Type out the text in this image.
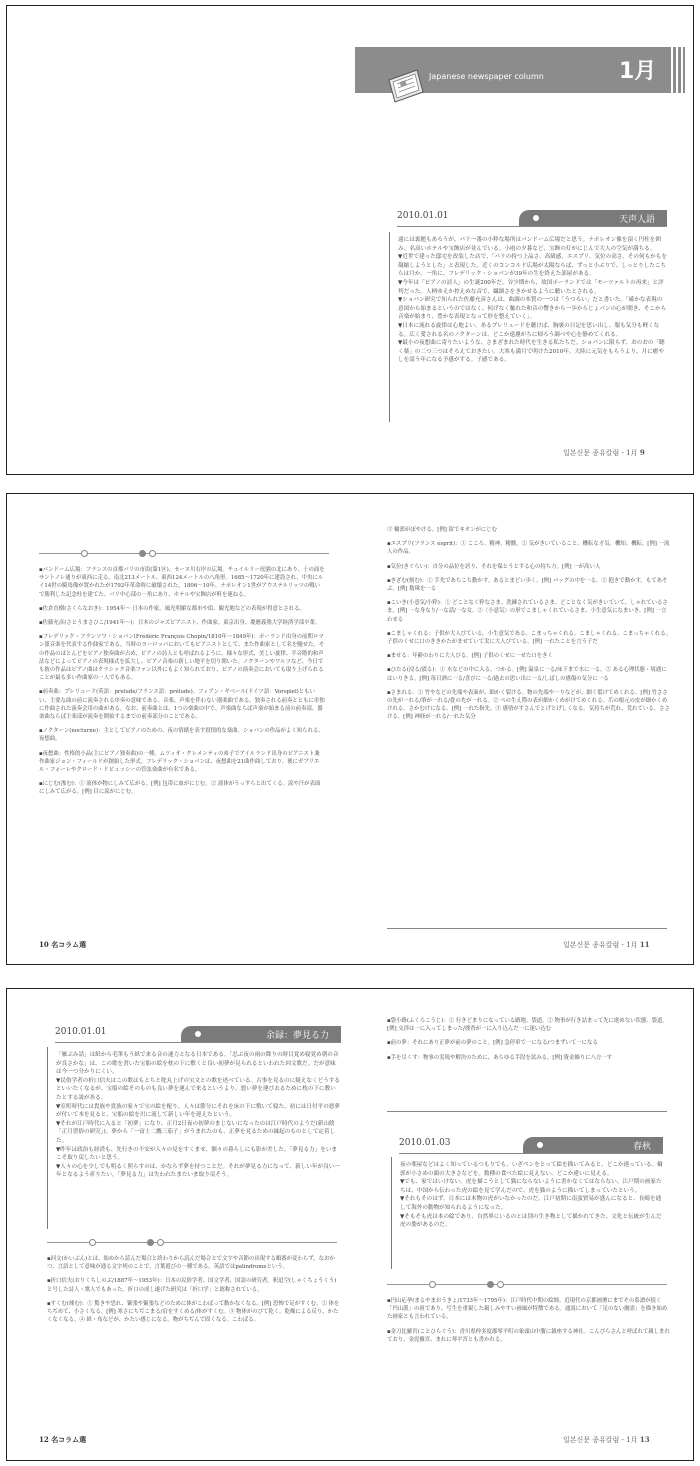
Japanese newspaper column	1月
2010.01.01	天声人語

遠には裏題もあろうが、パリ一番の小粋な場所はバンドーム広場だと思う。ナポレオン像を頂く円柱を囲み、名高いホテルや宝飾店が並んでいる。小雨の夕暮など、宝飾の灯がにじんで大人の空気が満ちる。

▼近世で建った邸宅を改装した店で、「パリの持つ上品さ、高級感、エスプリ、気位の高さ。その何もかもを凝縮しようとした」と表現した。近くのコンコルド広場が太陽ならば、ずっと小ぶりで、しっとりしたこちらは月か。一角に、フレデリック・ショパンが39年の生を終えた部屋がある。

▼今年は「ピアノの詩人」の生誕200年だ。谷少期から、故国ポーランドでは「モーツァルトの再来」と評判だった。人柄ゆえか控えめな音で、繊細さをきかせるように聴いたとされる。

▼ショパン研究で知られた佐藤允彦さんは、曲調の本質の一つは「うつろい」だと書いた。「確かな表現の意図から始まるというのではなく、何げなく触れた和音の響きから一歩からじょパンの心が開き、そこから音楽が始まり、豊かな表現となって形を整えていく」。

▼日本に流れる旋律は心地よい、あるプレリュードを聴けば、胸裏の日記を思い出し、服も気分も軽くなる。広く愛される名のノクターンは、どこか遠慮がちに帰ろう調べや心を静めてくれる。

▼最小の夜想曲に寄りたいような、さまざまれた時代を生きる私たちだ。ショパンに限らず、おのおの「聴く薬」の二つ三つはそろえておきたい。大寒も満月で明けた2010年。大陸に元気をもらうより、月に癒やしを請う年になる予感がする。子感である。

일본신문 종유칼럼 - 1月 9
▪バンドーム広場：フランスの首都パリの市街(第1区)、セーヌ川右岸の広場。チュイルリー庭園の北にあり、十の面をサントノレ通りが東西に走る。南北213メートル、東西124メートルの八角形。1685〜1720年に建設され、中央にルイ14世の騎馬像が置かれたが1792年革命時に破壊された。1806〜10年、ナポレオン1世がアウステルリッツの戦いで勝利した記念柱を建てた。パリ中心部の一角にあり、ホテルや宝飾店が軒を連ねる。
▪佐倉直樹(さくらなおき)：1954年〜 日本の作家。風光明媚な都市や街、観光地などの表現が得意とされる。
▪佐藤允彦(さとうまさひこ/1941年〜)：日本のジャズピアニスト、作曲家。東京出身、慶應義塾大学経済学部卒業。
▪フレデリック・フランソワ・ショパン(Frédéric François Chopin/1810年〜1849年)：ポーランド出身の前期ロマン派音楽を代表する作曲家である。当時のヨーロッパにおいてもピアニストとして、また作曲家として名を馳せた。その作品のほとんどをピアノ独奏曲が占め、ピアノの詩人とも呼ばれるように、様々な形式、美しい旋律、半音階的和声法などによってピアノの表現様式を拡大し、ピアノ音楽の新しい地平を切り開いた。ノクターンやワルツなど、今日でも彼の作品はピアノ曲はクラシック音楽ファン以外にもよく知られており、ピアノの演奏会においても取り上げられることが最も多い作曲家の一人でもある。
▪前奏曲：プレリュード(英語：prelude/フランス語：prélude)。フィアン・ギベール(ドイツ語：Vorspiel)ともいい、主要な曲の前に演奏される序奏の意味である。音楽、声楽を伴わない器楽曲である。独奏される前奏とともに単独に作曲された演奏会用の曲がある。なお、前奏曲とは、1つの楽曲の中で、声楽曲ならば声楽が始まる前の前奏部、器楽曲ならば主楽部が演奏を開始するまでの前奏部分のことである。
▪ノクターン(nocturne)：主としてピアノのための、夜の情緒を表す叙情的な楽曲。ショパンの作品がよく知られる。夜想曲。
▪夜想曲：性格的小品(主にピアノ独奏曲)の一種。ムツィオ・クレメンティの弟子でアイルランド出身のピアニスト兼作曲家ジョン・フィールドが創始した形式。フレデリック・ショパンは、夜想曲を21曲作曲しており、後にガブリエル・フォーレやクロード・ドビュッシーの管弦楽曲が有名である。
▪にじむ(滲む)：① 液体が物にしみて広がる。[例] 包帯に血がにじむ。② 液体がうっすらと出てくる。涙や汗が表面にしみて広がる。[例] 目に涙がにじむ。
③ 輪郭がぼやける。[例] 街でネオンがにじむ
▪エスプリ(フランス esprit)：① こころ。精神。精髄。② 気がきいていること。機転な才気。機知。機転。[例] 一流人の作品。
▪気位(きぐらい)：自分の品位を誇り、それを保とうとする心の持ち方。[例] 一が高い人
▪きざむ(刻む)：① 手先であちこち動かす。あるとまどい歩く。[例] バッグの中を一る。② 抱きで動かす。もてあそぶ。[例] 数珠を一る
▪こいき(小意気/小粋)：① どことなく粋なさま。洗練されているさま。どことなく気がきいていて、しゃれているさま。[例] 一な身なり/一な話/一な女。②〈小意気〉の形でこましゃくれているさま、小生意気になまいき。[例] 一言わせる
▪こましゃくれる：子供が大人びている。小生意気である。こまっちゃくれる。こましゃくれる。こまっちゃくれる。子供のくせに口のききかたがませていて実に大人びている。[例] 一れたことを言う子だ
▪ませる：年齢のわりに大人びる。[例] 子供のくせに一せた口をきく
▪ひたる(浸る/漬る)：① 水などの中に入る。つかる。[例] 温泉に一る/床下まで水に一る。② ある心理状態・境遇にはいりきる。[例] 毎日酒に一る/喜びに一る/過去の思い出に一る/しばしの感傷の気分に一る
▪さまれる：① 竹やなどの先端や表面が、細かく裂ける。物の先端や一りなどが、細く裂けてめくれる。[例] 竹ささの先が一れる/筆が一れる/畳の先が一れる。② ぺの生え際の表が細かくめがけてめくれる。爪の根元の皮が細かくめけれる。さかむけになる。[例] 一れた指先。③ 感情がすさんでとげとげしくなる。気持ちが荒れ、荒れている。ささける。[例] 神経が一れる/一れた気分
10 名コラム選	일본신문 종유칼럼 - 1月 11
2010.01.01	余録：夢見る力

「雁ぶみ話」は紙から毛筆もう紙で来る音の速力となる日本である。「忍ぶ夜の雨の降りの時目覚め寝覚め朝の音が良さかな」は、この歌を書いた宝船の絵を枕の下に敷くと良い初夢が見られるといわれた回文歌だ。だが意味は今一つ分かりにくい。

▼民俗学者の折口信夫はこの歌はもとちと舵丸上げの宝文との歌を述べている。古事を見るのに疑えなくどうするといいたくなるが、宝船の絵そのものも良い夢を運んで来るというより、悪い夢を運び去るために枕の下に敷いたとする説がある。

▼室町時代には貴族や貴族の家々で宝の絵を配り、人々は節分にそれを床の下に敷いて寝た。初には日付平の悪夢が付いて本を見ると、宝船の絵を川に流して新しい年を迎えたという。

▼それが江戸時代に入ると「初夢」になり、正月2日夜の初夢のまじないになったのは江戸時代のようだ(新山陰「正月習俗の研究」)。夢から「一富士二鷹三茄子」がうまれたのも、正夢を見るための縁起のものとして定着した。

▼昨年は政治も経済も、先行きの不安が人々の見をすくませ、個々の暮らしにも影が差した。「夢見る力」をいまこそ取り戻したいと思う。

▼人々の心を少しでも明るく照らすのは、かならず夢を持つことだ。それが夢見る力になって、新しい年が良い一年となるよう祈りたい。「夢見る力」は失われたまたいま取り戻そう。

▪回文(かいぶん)とは、始めから読んだ場合と終わりから読んだ場合とで文字や音節の出現する順番が変わらず、なおかつ、言語として意味が通る文字列のことで、言葉遊びの一種である。英語ではpalindromeという。
▪折口信夫(おりくちしのぶ/1887年〜1953年)：日本の民俗学者、国文学者、国語の研究者。釈迢空(しゃくちょうくう)と号した詩人・歌人でもあった。折口の成し遂げた研究は「折口学」と総称されている。
▪すくむ(竦む)：① 驚きや恐れ、緊張や緊張などのために体がこわばって動かなくなる。[例] 恐怖で足がすくむ。② 体をちぢめて、小さくなる。[例] 寒さにちぢこまる/肩をすくめる/体がすくむ。③ 物体がのびて乾く。乾燥による反り、かたくなくなる。④ 紙・布などが、かたい感じになる。物がちぢんで固くなる。こわばる。
▪袋小路(ふくろこうじ)：① 行きどまりになっている路地。袋道。② 物事が行き詰まって先に進めない状態。袋道。[例] 交渉は一に入ってしまった/捜査が一に入り込んだ一に迷い込む
▪前の夢：それにあり正夢が前の夢のこと。[例] 急停車で一になる/つまずいて一になる
▪手を尽くす：物事の実現や解決のために、あらゆる手段を試みる。[例] 資金繰りに八方一す
2010.01.03	春秋

夜の薬屋などはよく知っているつもりでも、いざペンをとって絵を描いてみると、どこか違っている。輪郭が小さめの顔の大きさなどを。数種の食べた絵に見えない、どこか違いに見える。

▼でも、家ではいけない。虎を描こうとして猫にならないように書かなくてはならない。江戸期の画家たちは、中国から伝わった虎の絵を見て学んだので、虎を猫のように描いてしまっていたという。

▼それもそのはず、日本には本物の虎がいなかったのだ。江戸初期に南蛮貿易が盛んになると、長崎を通して海外の動物が知られるようになった。

▼そもそも虎は本の絵であり、自然界にいるのとは別の生き物として描かれてきた。文化と伝統が生んだ虎の姿があるのだ。

▪円山応挙(まるやまおうきょ/1733年〜1795年)：江戸時代中期の絵師。近現代の京都画壇にまでその系譜が続く「円山派」の祖であり、写生を重視した親しみやすい画風が特徴である。通説において「足のない幽霊」を描き始めた画家とも言われている。
▪金刀比羅宮(ことひらぐう)：香川県仲多度郡琴平町の象頭山中腹に鎮座する神社。こんぴらさんと呼ばれて親しまれており、金毘羅宮、まれに琴平宮とも書かれる。
12 名コラム選	일본신문 종유칼럼 - 1月 13
